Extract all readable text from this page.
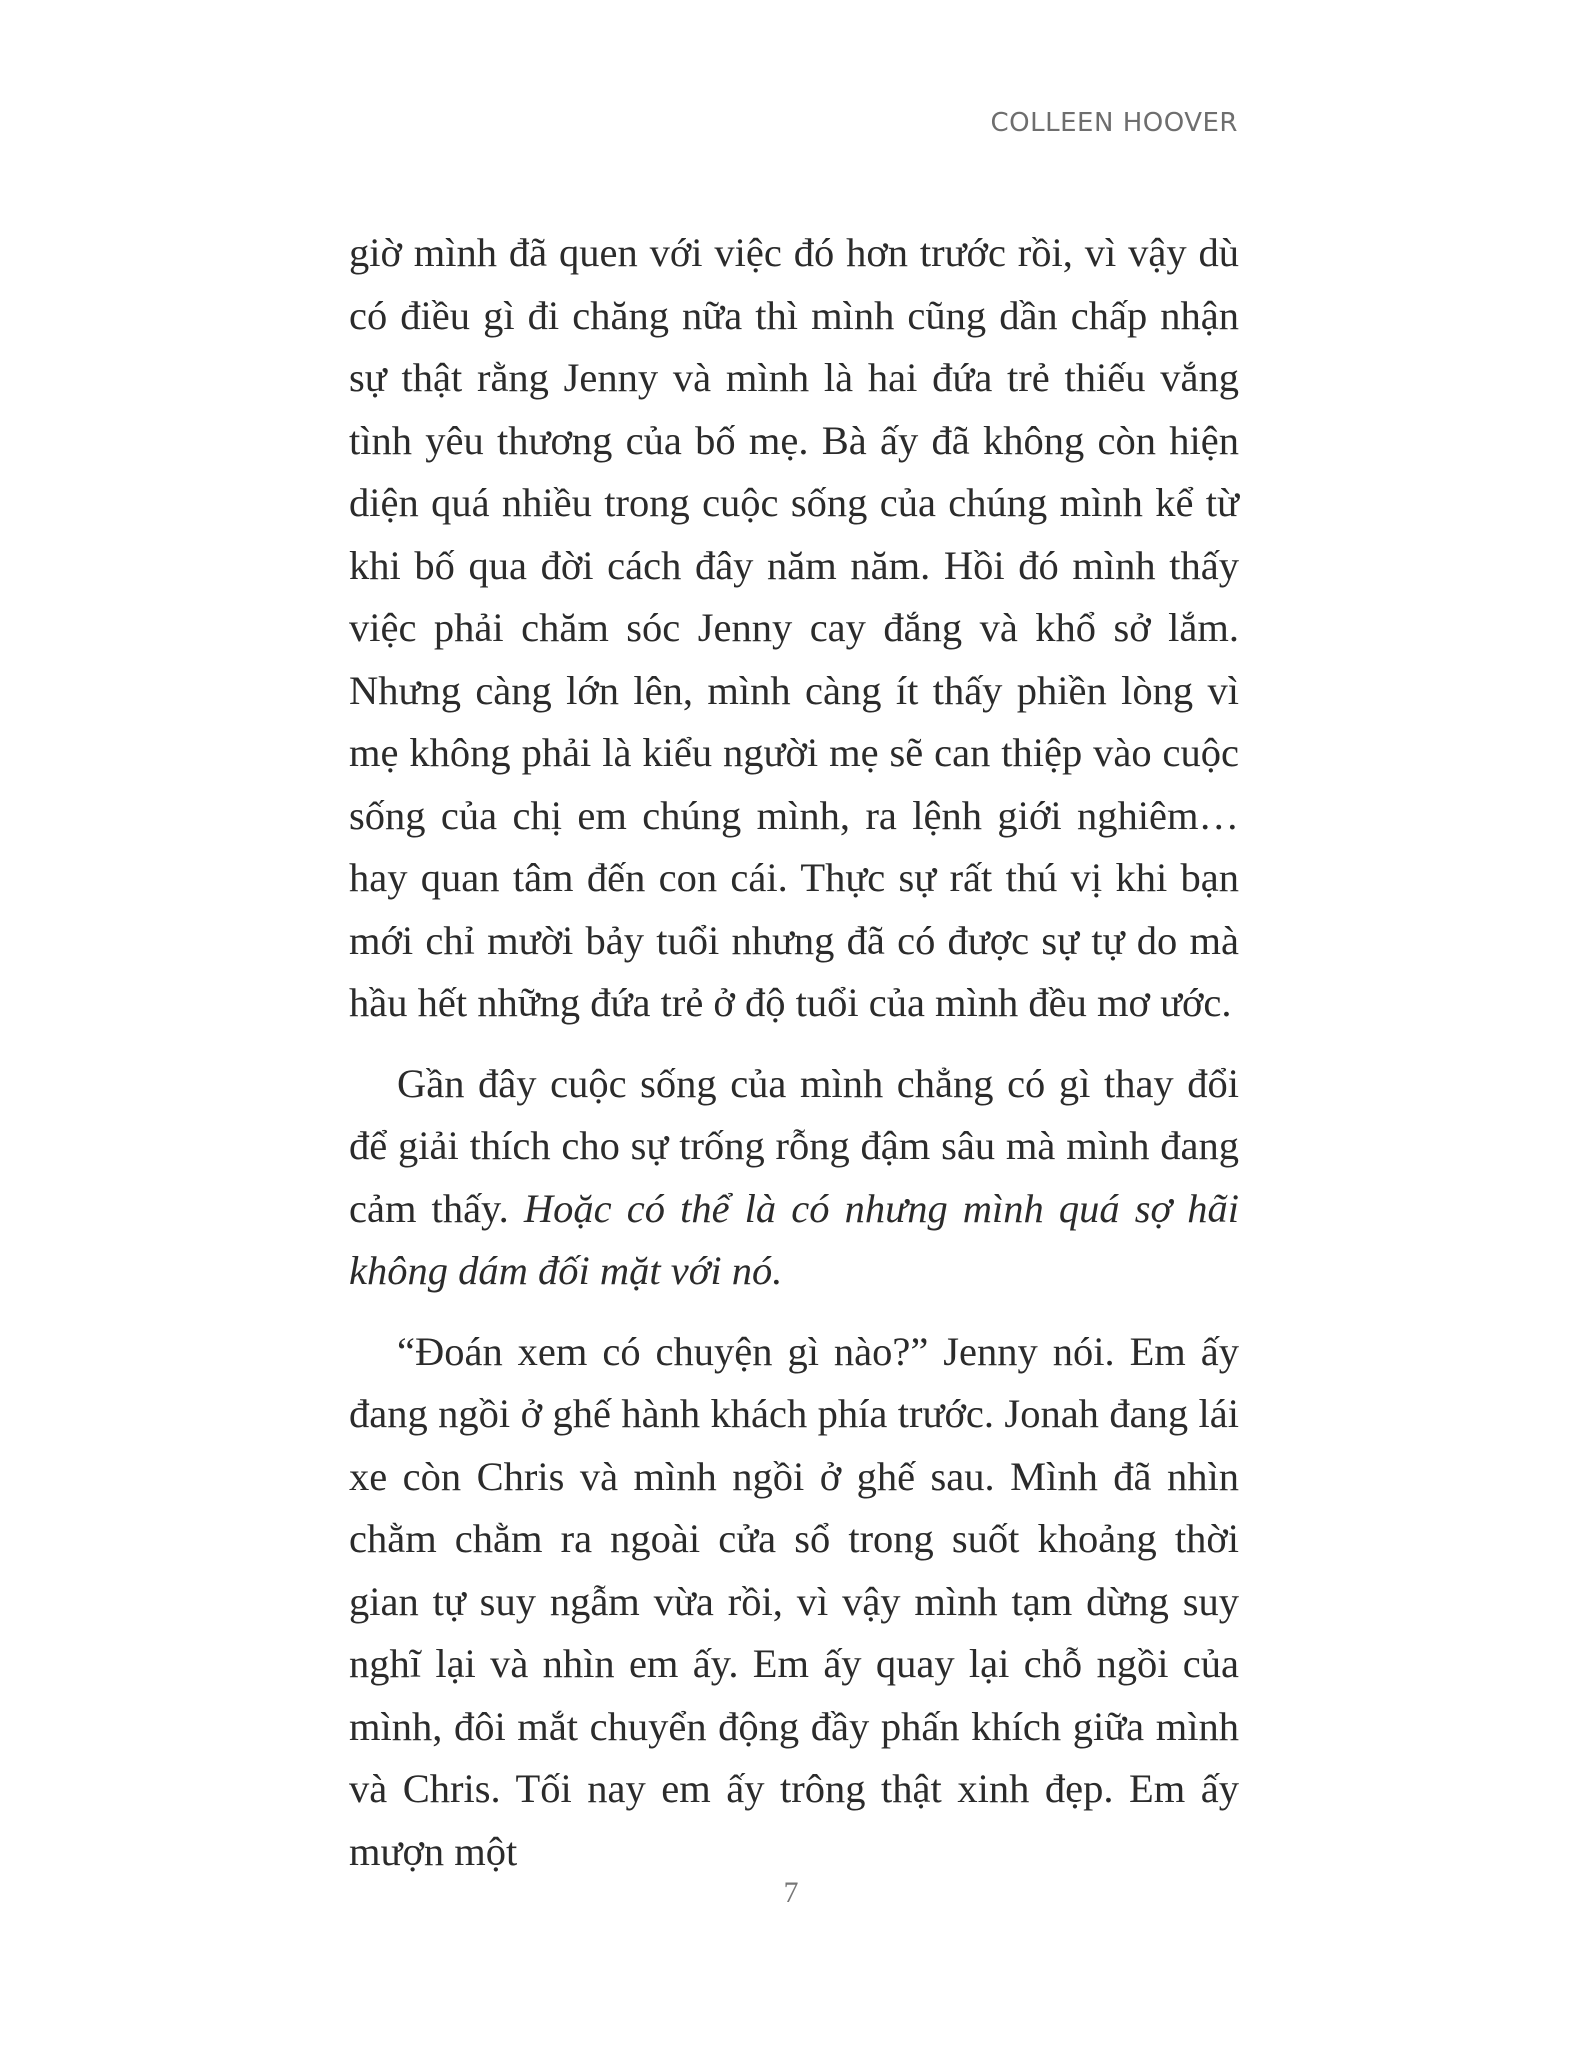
COLLEEN HOOVER

giờ mình đã quen với việc đó hơn trước rồi, vì vậy dù có điều gì đi chăng nữa thì mình cũng dần chấp nhận sự thật rằng Jenny và mình là hai đứa trẻ thiếu vắng tình yêu thương của bố mẹ. Bà ấy đã không còn hiện diện quá nhiều trong cuộc sống của chúng mình kể từ khi bố qua đời cách đây năm năm. Hồi đó mình thấy việc phải chăm sóc Jenny cay đắng và khổ sở lắm. Nhưng càng lớn lên, mình càng ít thấy phiền lòng vì mẹ không phải là kiểu người mẹ sẽ can thiệp vào cuộc sống của chị em chúng mình, ra lệnh giới nghiêm… hay quan tâm đến con cái. Thực sự rất thú vị khi bạn mới chỉ mười bảy tuổi nhưng đã có được sự tự do mà hầu hết những đứa trẻ ở độ tuổi của mình đều mơ ước.

Gần đây cuộc sống của mình chẳng có gì thay đổi để giải thích cho sự trống rỗng đậm sâu mà mình đang cảm thấy. Hoặc có thể là có nhưng mình quá sợ hãi không dám đối mặt với nó.

“Đoán xem có chuyện gì nào?” Jenny nói. Em ấy đang ngồi ở ghế hành khách phía trước. Jonah đang lái xe còn Chris và mình ngồi ở ghế sau. Mình đã nhìn chằm chằm ra ngoài cửa sổ trong suốt khoảng thời gian tự suy ngẫm vừa rồi, vì vậy mình tạm dừng suy nghĩ lại và nhìn em ấy. Em ấy quay lại chỗ ngồi của mình, đôi mắt chuyển động đầy phấn khích giữa mình và Chris. Tối nay em ấy trông thật xinh đẹp. Em ấy mượn một

7
